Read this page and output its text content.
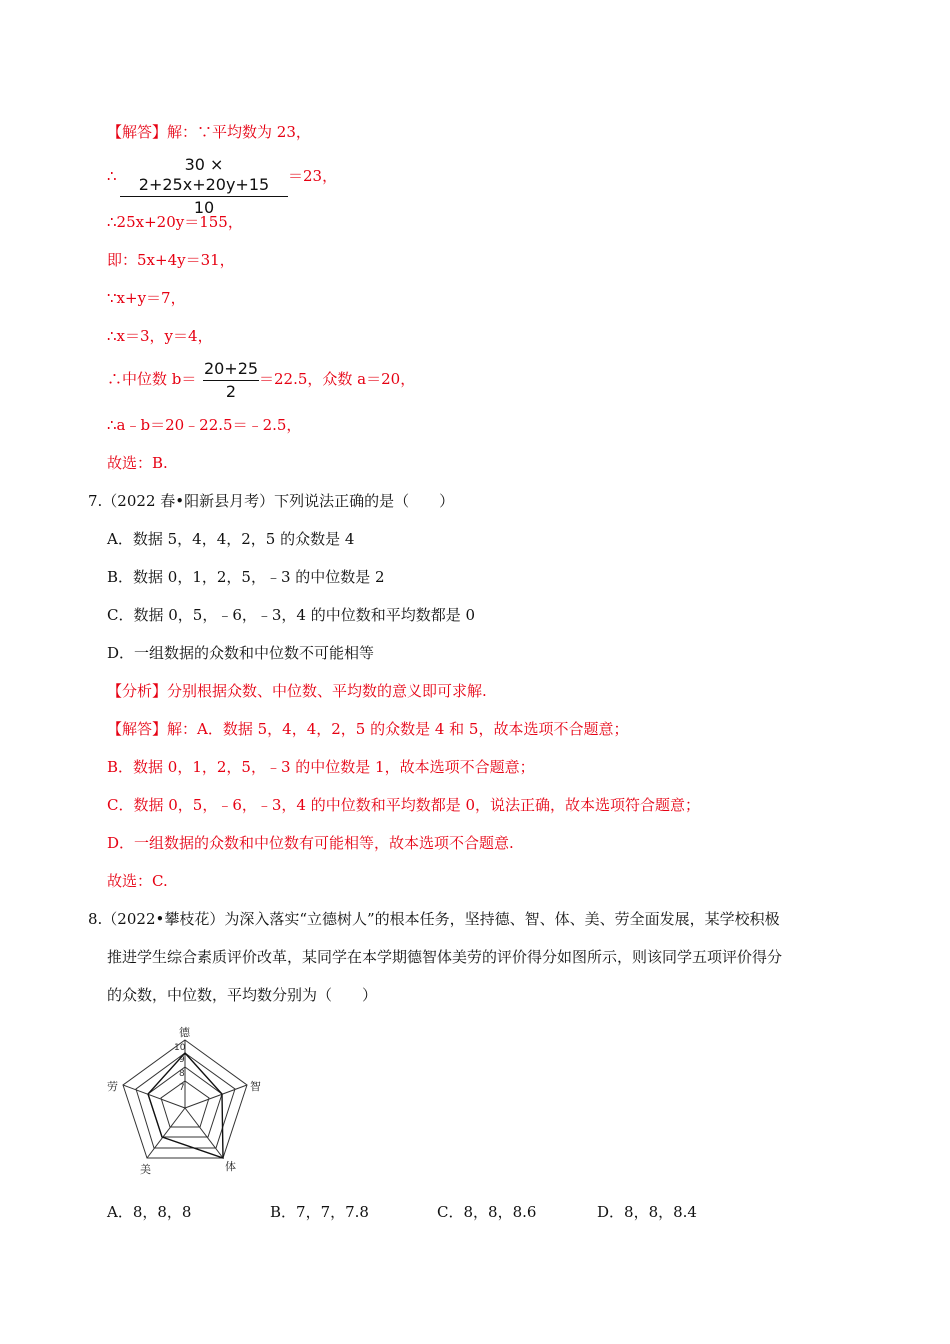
【解答】解：∵平均数为 23，
∴
30 × 2+25x+20y+15
10
＝23，
∴25x+20y＝155，
即：5x+4y＝31，
∵x+y＝7，
∴x＝3，y＝4，
∴中位数 b＝
20+25
2
＝22.5，众数 a＝20，
∴a﹣b＝20﹣22.5＝﹣2.5，
故选：B.
7.（2022 春•阳新县月考）下列说法正确的是（　　）
A．数据 5，4，4，2，5 的众数是 4
B．数据 0，1，2，5，﹣3 的中位数是 2
C．数据 0，5，﹣6，﹣3，4 的中位数和平均数都是 0
D．一组数据的众数和中位数不可能相等
【分析】分别根据众数、中位数、平均数的意义即可求解.
【解答】解：A．数据 5，4，4，2，5 的众数是 4 和 5，故本选项不合题意；
B．数据 0，1，2，5，﹣3 的中位数是 1，故本选项不合题意；
C．数据 0，5，﹣6，﹣3，4 的中位数和平均数都是 0，说法正确，故本选项符合题意；
D．一组数据的众数和中位数有可能相等，故本选项不合题意.
故选：C.
8.（2022•攀枝花）为深入落实“立德树人”的根本任务，坚持德、智、体、美、劳全面发展，某学校积极
推进学生综合素质评价改革，某同学在本学期德智体美劳的评价得分如图所示，则该同学五项评价得分
的众数，中位数，平均数分别为（　　）
德
智
体
美
劳
10
9
8
7
A．8，8，8	B．7，7，7.8	C．8，8，8.6	D．8，8，8.4
